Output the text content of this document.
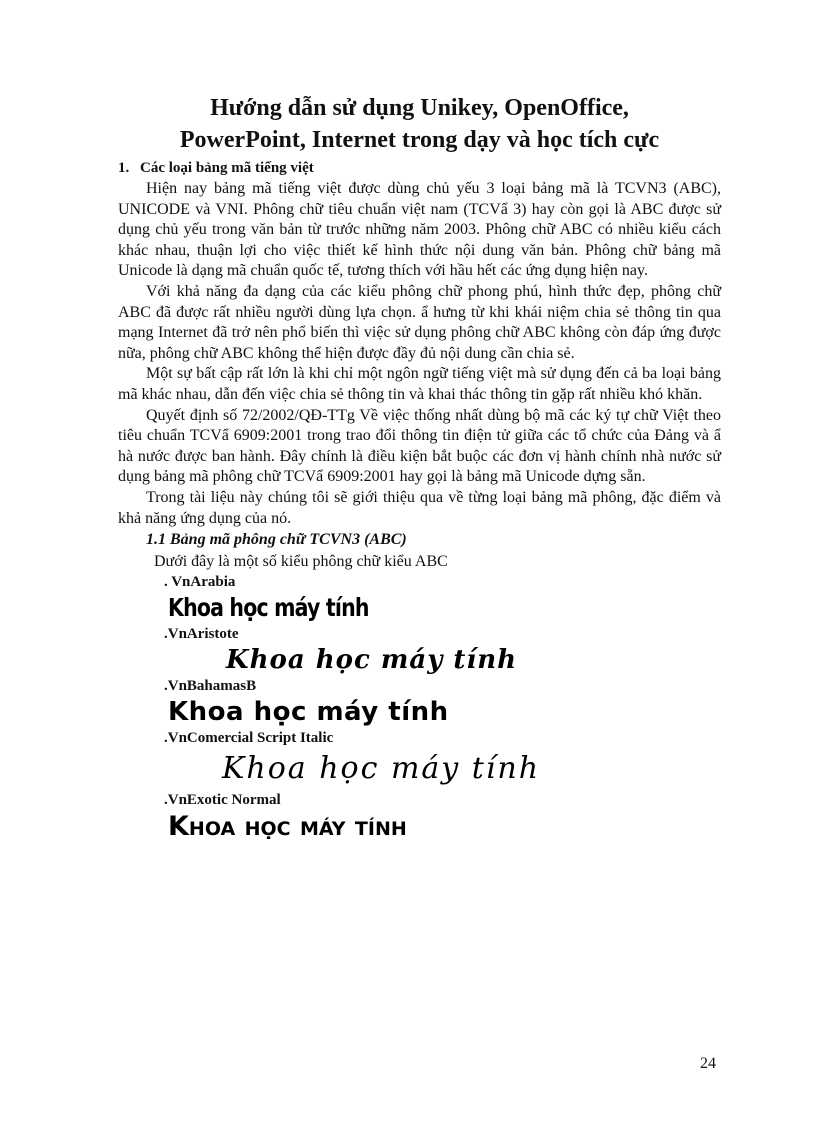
Hướng dẫn sử dụng Unikey, OpenOffice,
PowerPoint, Internet trong dạy và học tích cực
1. Các loại bảng mã tiếng việt

Hiện nay bảng mã tiếng việt được dùng chủ yếu 3 loại bảng mã là TCVN3 (ABC), UNICODE và VNI. Phông chữ tiêu chuẩn việt nam (TCVẩ 3) hay còn gọi là ABC được sử dụng chủ yếu trong văn bản từ trước những năm 2003. Phông chữ ABC có nhiều kiểu cách khác nhau, thuận lợi cho việc thiết kế hình thức nội dung văn bản. Phông chữ bảng mã Unicode là dạng mã chuẩn quốc tế, tương thích với hầu hết các ứng dụng hiện nay.

Với khả năng đa dạng của các kiểu phông chữ phong phú, hình thức đẹp, phông chữ ABC đã được rất nhiều người dùng lựa chọn. ẩ hưng từ khi khái niệm chia sẻ thông tin qua mạng Internet đã trở nên phổ biến thì việc sử dụng phông chữ ABC không còn đáp ứng được nữa, phông chữ ABC không thể hiện được đầy đủ nội dung cần chia sẻ.

Một sự bất cập rất lớn là khi chỉ một ngôn ngữ tiếng việt mà sử dụng đến cả ba loại bảng mã khác nhau, dẫn đến việc chia sẻ thông tin và khai thác thông tin gặp rất nhiều khó khăn.

Quyết định số 72/2002/QĐ-TTg Về việc thống nhất dùng bộ mã các ký tự chữ Việt theo tiêu chuẩn TCVẩ 6909:2001 trong trao đổi thông tin điện tử giữa các tổ chức của Đảng và ẩ hà nước được ban hành. Đây chính là điều kiện bắt buộc các đơn vị hành chính nhà nước sử dụng bảng mã phông chữ TCVẩ 6909:2001 hay gọi là bảng mã Unicode dựng sẵn.

Trong tài liệu này chúng tôi sẽ giới thiệu qua về từng loại bảng mã phông, đặc điểm và khả năng ứng dụng của nó.

1.1 Bảng mã phông chữ TCVN3 (ABC)
Dưới đây là một số kiểu phông chữ kiểu ABC
. VnArabia
Khoa học máy tính
.VnAristote
Khoa học máy tính
.VnBahamasB
Khoa học máy tính
.VnComercial Script Italic
Khoa học máy tính
.VnExotic Normal
Khoa học máy tính
24
